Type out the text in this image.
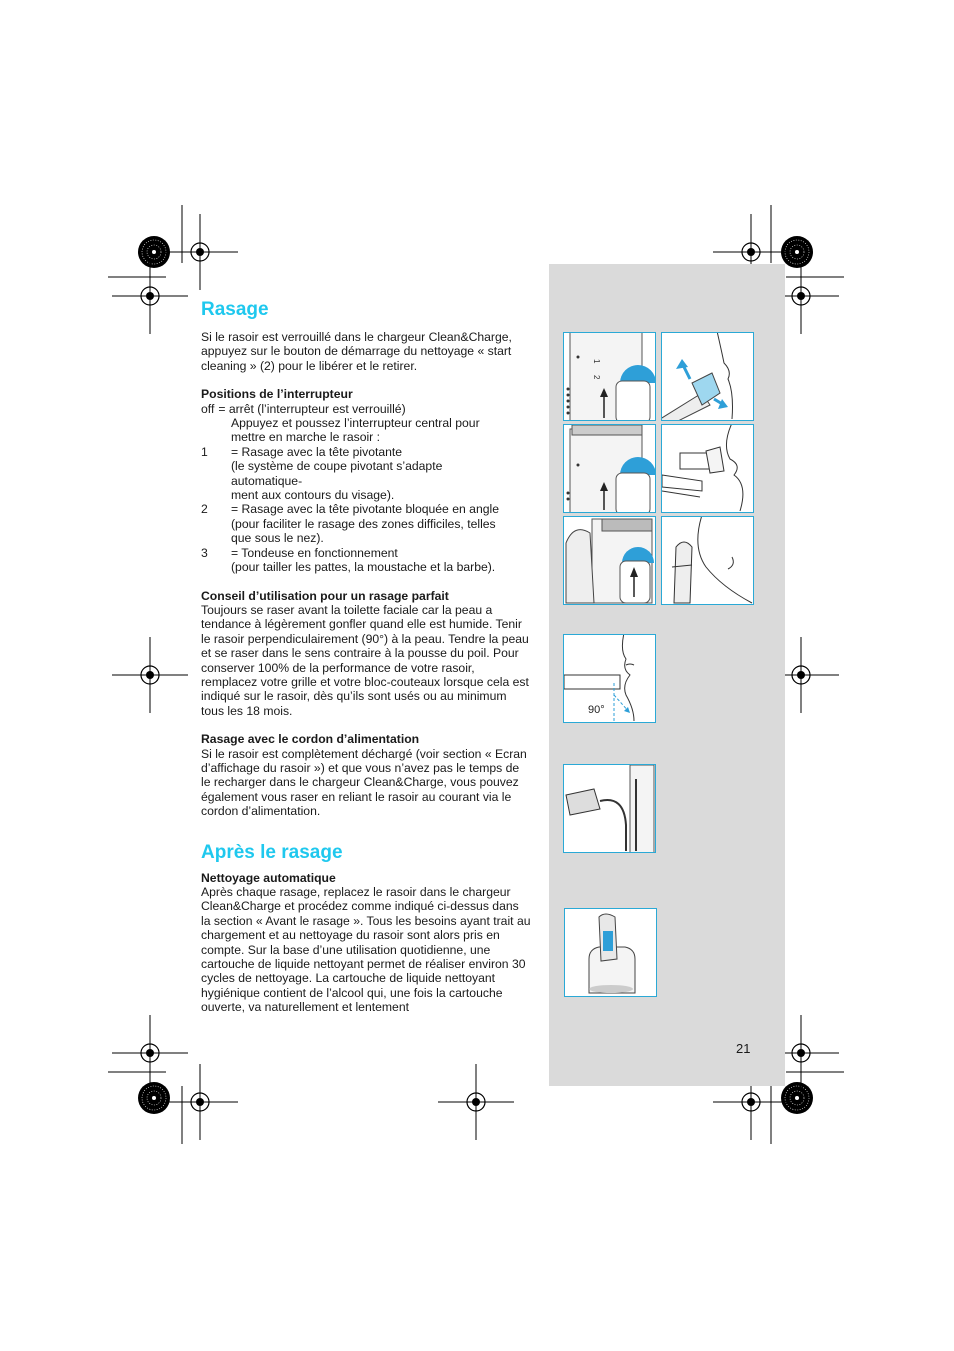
1
2
90°
21
Rasage

Si le rasoir est verrouillé dans le chargeur Clean&Charge, appuyez sur le bouton de démarrage du nettoyage « start cleaning » (2) pour le libérer et le retirer.

Positions de l’interrupteur

off = arrêt (l’interrupteur est verrouillé)
Appuyez et poussez l’interrupteur central pour
mettre en marche le rasoir :
1	= Rasage avec la tête pivotante
(le système de coupe pivotant s’adapte
automatique-
ment aux contours du visage).
2	= Rasage avec la tête pivotante bloquée en angle
(pour faciliter le rasage des zones difficiles, telles
que sous le nez).
3	= Tondeuse en fonctionnement
(pour tailler les pattes, la moustache et la barbe).

Conseil d’utilisation pour un rasage parfait

Toujours se raser avant la toilette faciale car la peau a tendance à légèrement gonfler quand elle est humide. Tenir le rasoir perpendiculairement (90°) à la peau. Tendre la peau et se raser dans le sens contraire à la pousse du poil. Pour conserver 100% de la performance de votre rasoir, remplacez votre grille et votre bloc-couteaux lorsque cela est indiqué sur le rasoir, dès qu’ils sont usés ou au minimum tous les 18 mois.

Rasage avec le cordon d’alimentation

Si le rasoir est complètement déchargé (voir section « Ecran d’affichage du rasoir ») et que vous n’avez pas le temps de le recharger dans le chargeur Clean&Charge, vous pouvez également vous raser en reliant le rasoir au courant via le cordon d’alimentation.

Après le rasage

Nettoyage automatique

Après chaque rasage, replacez le rasoir dans le chargeur Clean&Charge et procédez comme indiqué ci-dessus dans la section « Avant le rasage ». Tous les besoins ayant trait au chargement et au nettoyage du rasoir sont alors pris en compte. Sur la base d’une utilisation quotidienne, une cartouche de liquide nettoyant permet de réaliser environ 30 cycles de nettoyage. La cartouche de liquide nettoyant hygiénique contient de l’alcool qui, une fois la cartouche ouverte, va naturellement et lentement
